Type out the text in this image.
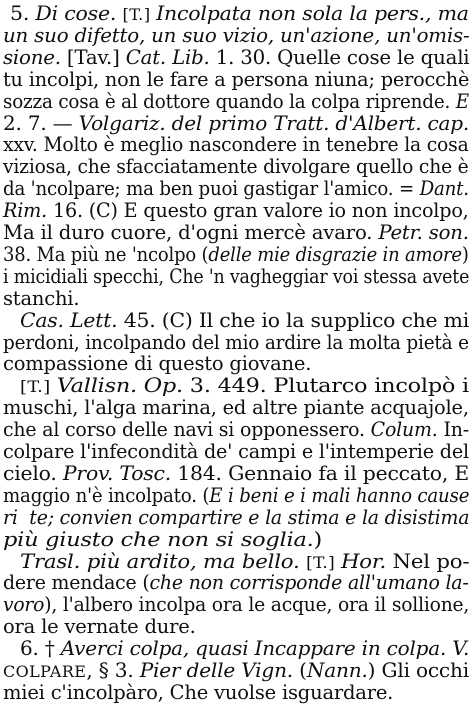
5. Di cose. [T.] Incolpata non sola la pers., ma
un suo difetto, un suo vizio, un'azione, un'omis-
sione. [Tav.] Cat. Lib. 1. 30. Quelle cose le quali
tu incolpi, non le fare a persona niuna; perocchè
sozza cosa è al dottore quando la colpa riprende. E
2. 7. — Volgariz. del primo Tratt. d'Albert. cap.
xxv. Molto è meglio nascondere in tenebre la cosa
viziosa, che sfacciatamente divolgare quello che è
da 'ncolpare; ma ben puoi gastigar l'amico. = Dant.
Rim. 16. (C) E questo gran valore io non incolpo,
Ma il duro cuore, d'ogni mercè avaro. Petr. son.
38. Ma più ne 'ncolpo (delle mie disgrazie in amore)
i micidiali specchi, Che 'n vagheggiar voi stessa avete
stanchi.
Cas. Lett. 45. (C) Il che io la supplico che mi
perdoni, incolpando del mio ardire la molta pietà e
compassione di questo giovane.
[T.] Vallisn. Op. 3. 449. Plutarco incolpò i
muschi, l'alga marina, ed altre piante acquajole,
che al corso delle navi si opponessero. Colum. In-
colpare l'infecondità de' campi e l'intemperie del
cielo. Prov. Tosc. 184. Gennaio fa il peccato, E
maggio n'è incolpato. (E i beni e i mali hanno cause
ri  te; convien compartire e la stima e la disistima
più giusto che non si soglia.)
Trasl. più ardito, ma bello. [T.] Hor. Nel po-
dere mendace (che non corrisponde all'umano la-
voro), l'albero incolpa ora le acque, ora il sollione,
ora le vernate dure.
6. † Averci colpa, quasi Incappare in colpa. V.
COLPARE, § 3. Pier delle Vign. (Nann.) Gli occhi
miei c'incolpàro, Che vuolse isguardare.
